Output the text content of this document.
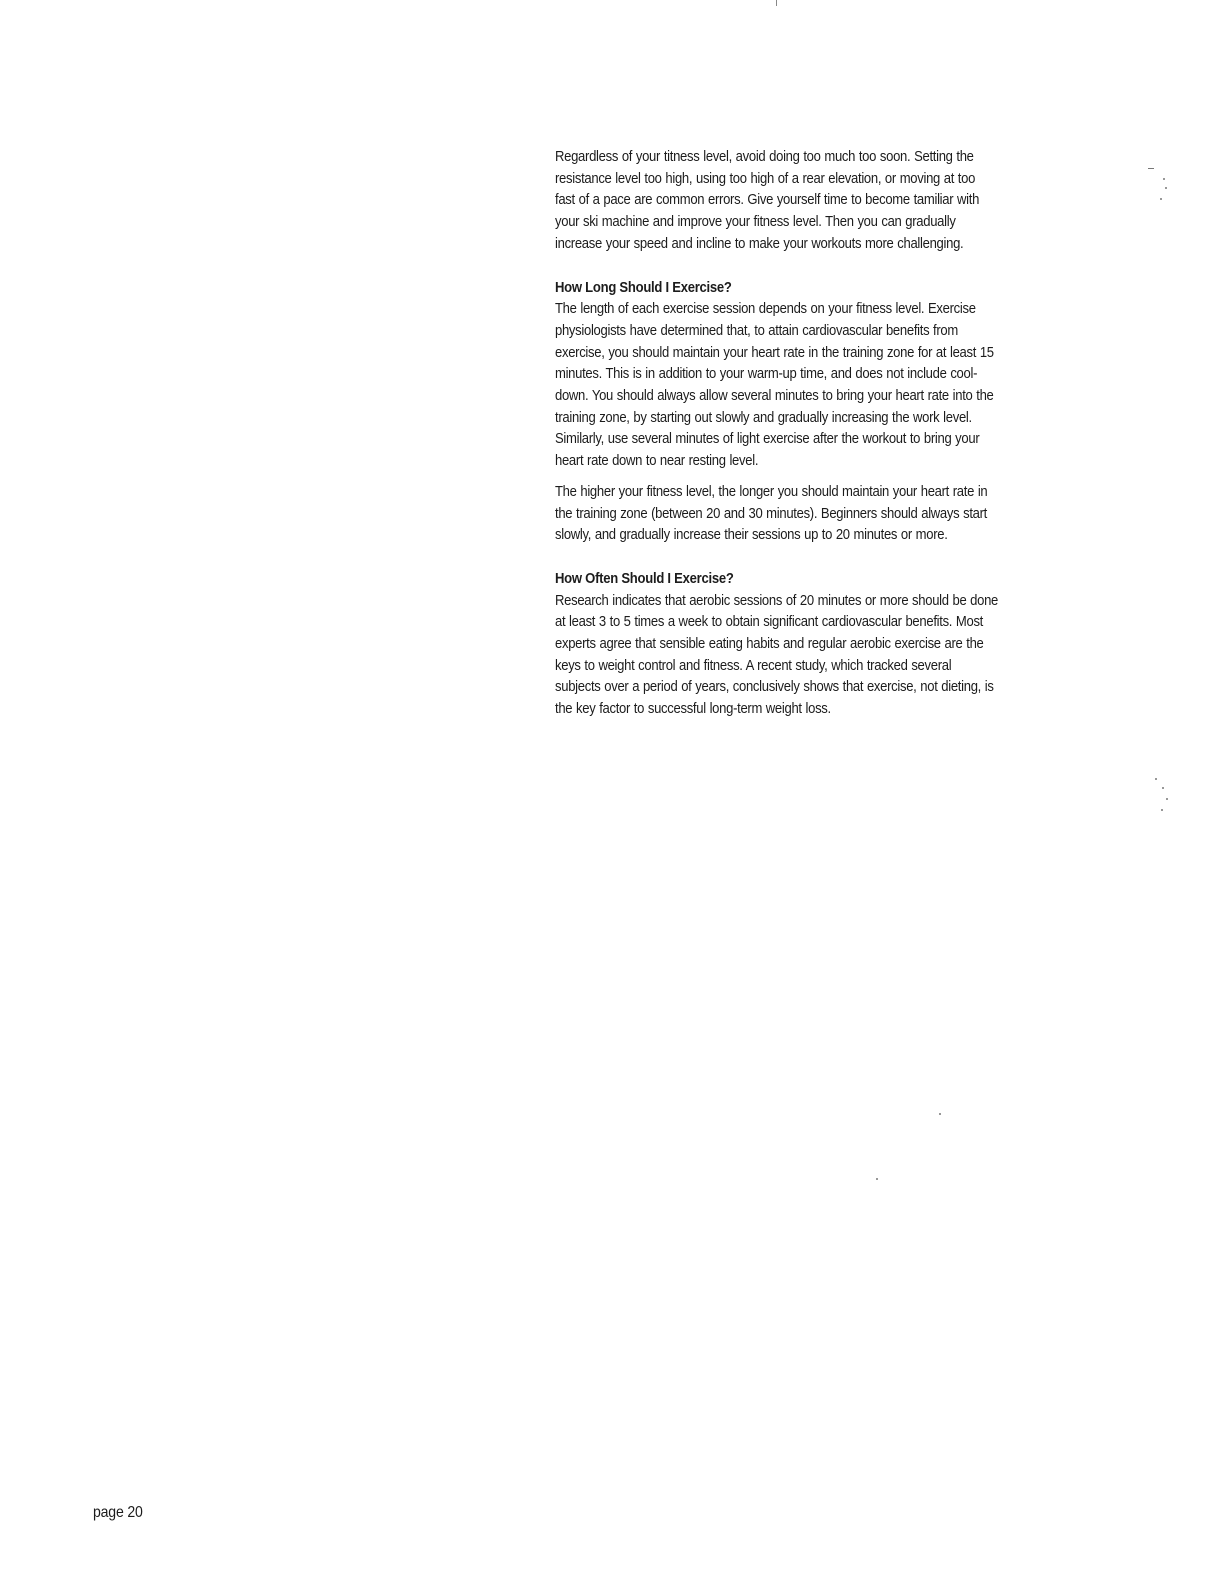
Regardless of your titness level, avoid doing too much too soon. Setting the
resistance level too high, using too high of a rear elevation, or moving at too
fast of a pace are common errors. Give yourself time to become tamiliar with
your ski machine and improve your fitness level. Then you can gradually
increase your speed and incline to make your workouts more challenging.
How Long Should I Exercise?
The length of each exercise session depends on your fitness level. Exercise
physiologists have determined that, to attain cardiovascular benefits from
exercise, you should maintain your heart rate in the training zone for at least 15
minutes. This is in addition to your warm-up time, and does not include cool-
down. You should always allow several minutes to bring your heart rate into the
training zone, by starting out slowly and gradually increasing the work level.
Similarly, use several minutes of light exercise after the workout to bring your
heart rate down to near resting level.
The higher your fitness level, the longer you should maintain your heart rate in
the training zone (between 20 and 30 minutes). Beginners should always start
slowly, and gradually increase their sessions up to 20 minutes or more.
How Often Should I Exercise?
Research indicates that aerobic sessions of 20 minutes or more should be done
at least 3 to 5 times a week to obtain significant cardiovascular benefits. Most
experts agree that sensible eating habits and regular aerobic exercise are the
keys to weight control and fitness. A recent study, which tracked several
subjects over a period of years, conclusively shows that exercise, not dieting, is
the key factor to successful long-term weight loss.
page 20
